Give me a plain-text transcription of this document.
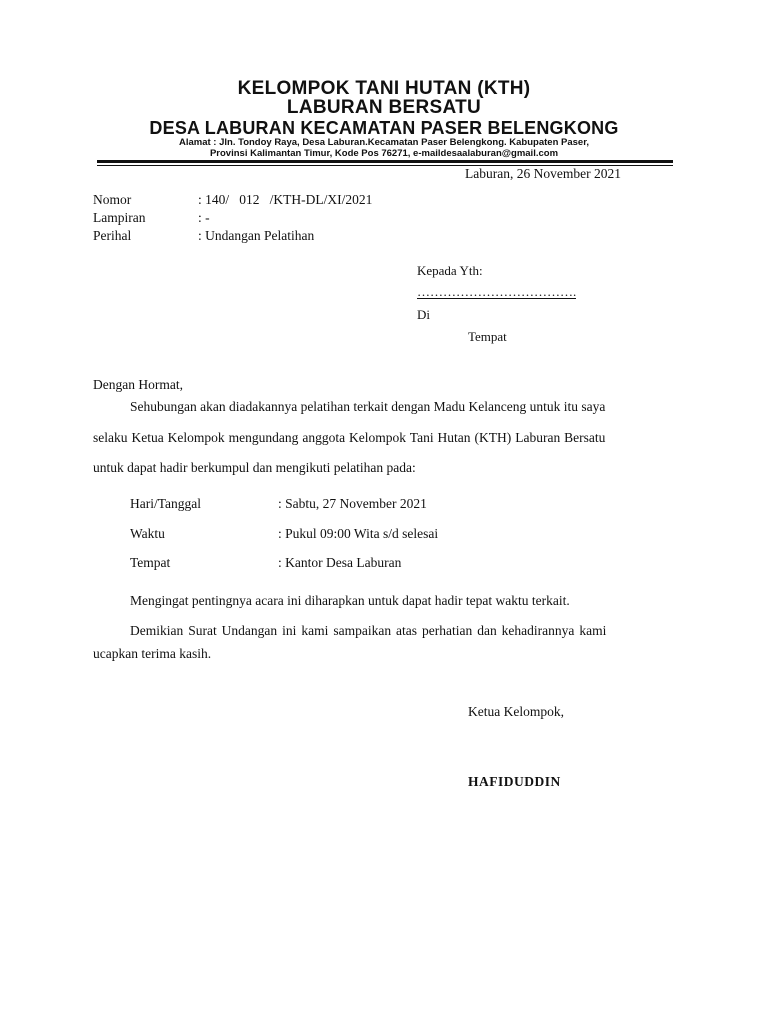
KELOMPOK TANI HUTAN (KTH)
LABURAN BERSATU
DESA LABURAN KECAMATAN PASER BELENGKONG
Alamat : Jln. Tondoy Raya, Desa Laburan.Kecamatan Paser Belengkong. Kabupaten Paser,
Provinsi Kalimantan Timur, Kode Pos 76271, e-maildesaalaburan@gmail.com
Laburan, 26 November 2021
Nomor	: 140/   012   /KTH-DL/XI/2021
Lampiran	: -
Perihal	: Undangan Pelatihan
Kepada Yth:
……………………………….
Di
Tempat
Dengan Hormat,
Sehubungan akan diadakannya pelatihan terkait dengan Madu Kelanceng untuk itu saya
selaku Ketua Kelompok mengundang anggota Kelompok Tani Hutan (KTH) Laburan Bersatu
untuk dapat hadir berkumpul dan mengikuti pelatihan pada:
Hari/Tanggal	: Sabtu, 27 November 2021
Waktu	: Pukul 09:00 Wita s/d selesai
Tempat	: Kantor Desa Laburan
Mengingat pentingnya acara ini diharapkan untuk dapat hadir tepat waktu terkait.
Demikian Surat Undangan ini kami sampaikan atas perhatian dan kehadirannya kami
ucapkan terima kasih.
Ketua Kelompok,
HAFIDUDDIN
